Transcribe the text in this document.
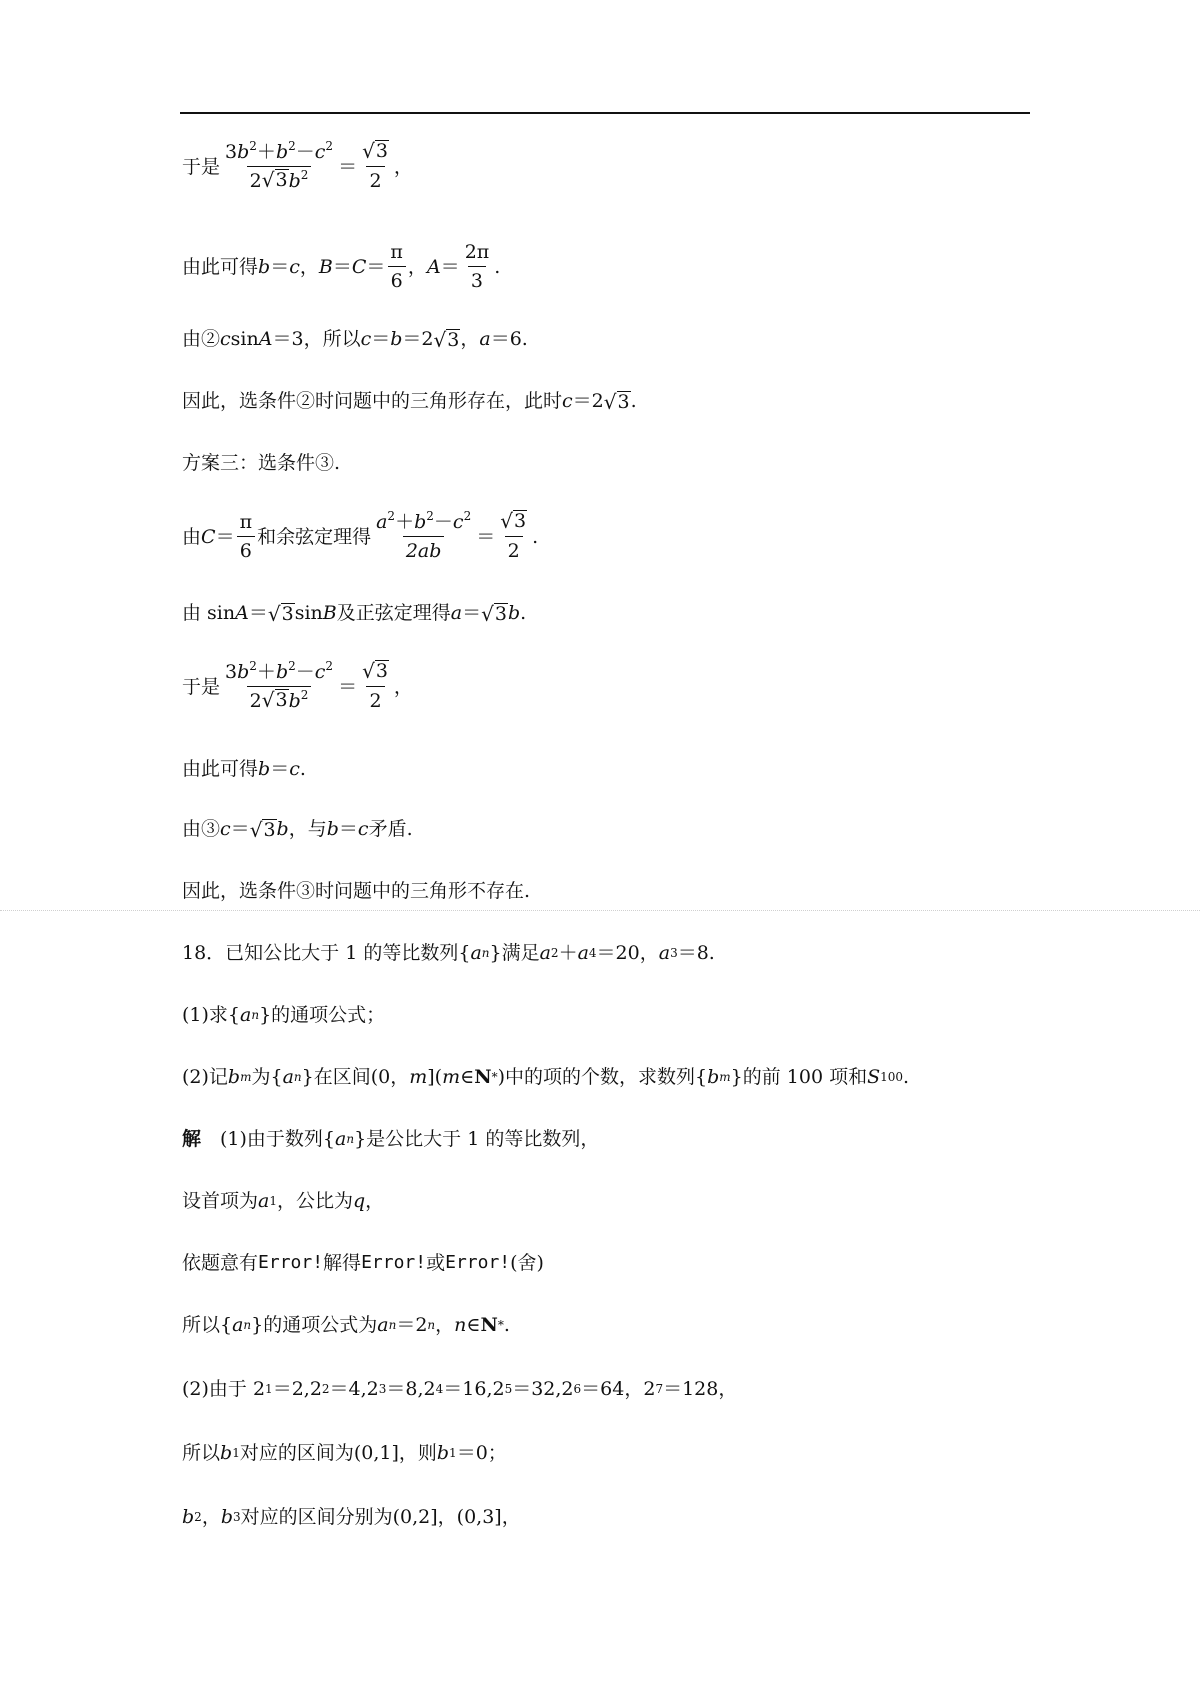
于是 $\frac{3b^2+b^2-c^2}{2 √ 3 b^2} = \frac{√ 3}{2}$ ，
由此可得 b ＝ c ， $B = C = \frac{\pi}{6}$ ， $A = \frac{2\pi}{3}$ .
由② c sin A ＝3，所以 c ＝ b ＝2 √ 3 ， a ＝6.
因此，选条件②时问题中的三角形存在，此时 c ＝2 √ 3 .
方案三：选条件③.
由 $C = \frac{\pi}{6}$ 和余弦定理得 $\frac{a^2+b^2-c^2}{2ab} = \frac{√ 3}{2}$ .
由 sin A ＝ √ 3 sin B 及正弦定理得 a ＝ √ 3 b .
于是 $\frac{3b^2+b^2-c^2}{2 √ 3 b^2} = \frac{√ 3}{2}$ ，
由此可得 b ＝ c .
由③ c ＝ √ 3 b ，与 b ＝ c 矛盾.
因此，选条件③时问题中的三角形不存在.
18．已知公比大于 1 的等比数列{ a n }满足 a 2 ＋ a 4 ＝20， a 3 ＝8.
(1)求{ a n }的通项公式；
(2)记 b m 为{ a n }在区间(0， m ]( m ∈ N * )中的项的个数，求数列{ b m }的前 100 项和 S 100 .
解 　(1)由于数列{ a n }是公比大于 1 的等比数列，
设首项为 a 1 ，公比为 q ，
依题意有 Error! 解得 Error! 或 Error! (舍)
所以{ a n }的通项公式为 a n ＝2 n ， n ∈ N * .
(2)由于 2 1 ＝2,2 2 ＝4,2 3 ＝8,2 4 ＝16,2 5 ＝32,2 6 ＝64，2 7 ＝128，
所以 b 1 对应的区间为(0,1]，则 b 1 ＝0；
b 2 ， b 3 对应的区间分别为(0,2]，(0,3]，
